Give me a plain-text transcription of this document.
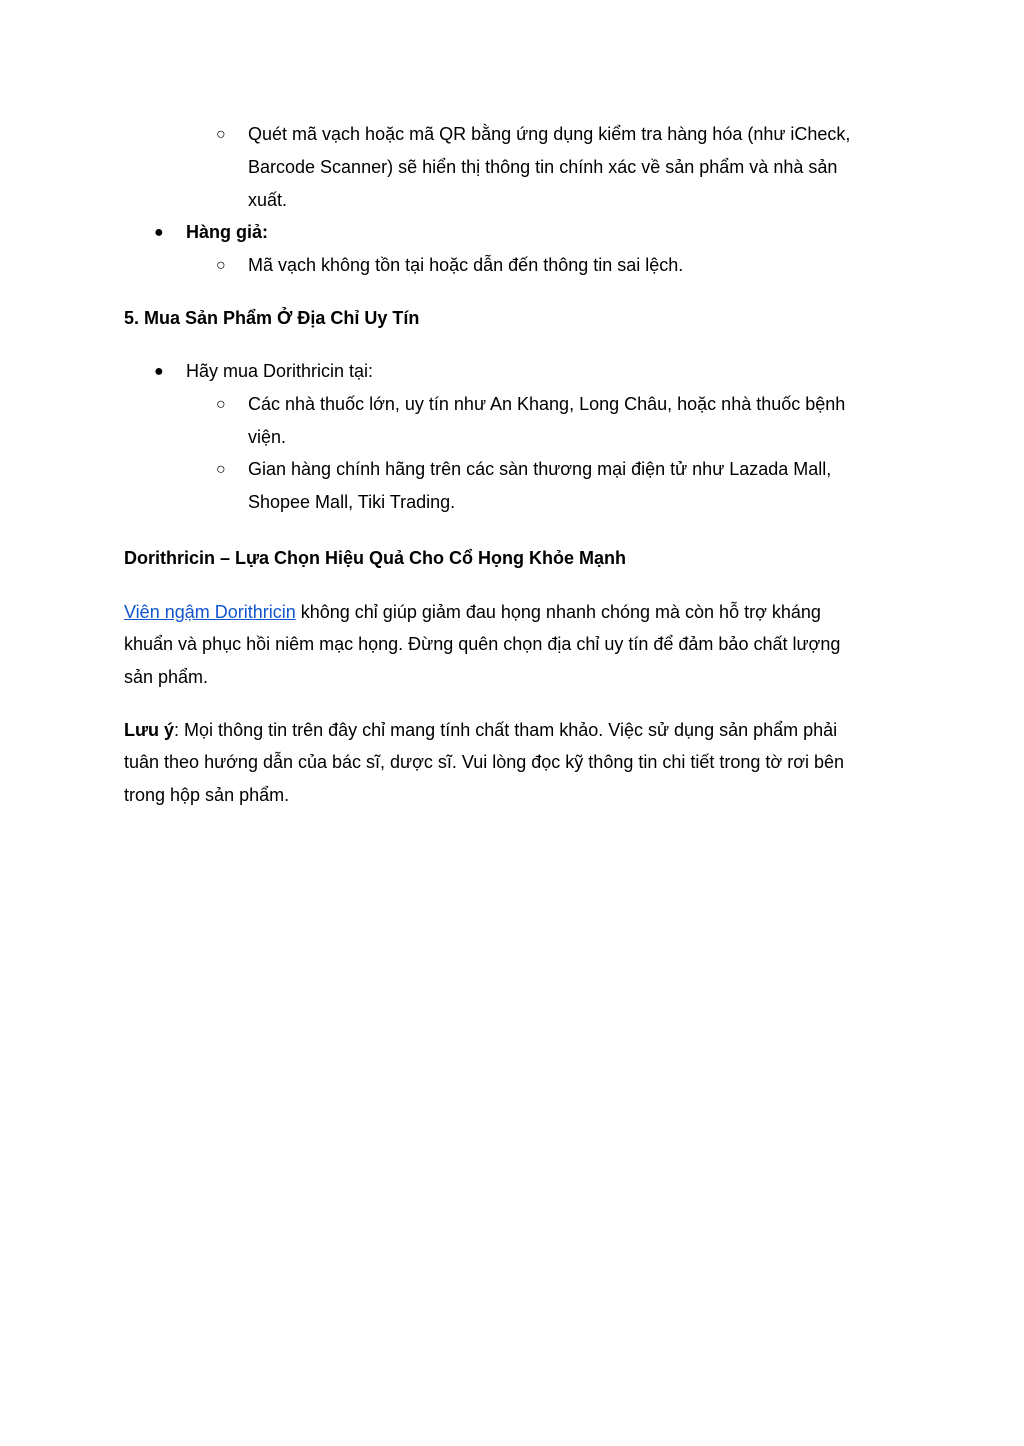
○ Quét mã vạch hoặc mã QR bằng ứng dụng kiểm tra hàng hóa (như iCheck,
Barcode Scanner) sẽ hiển thị thông tin chính xác về sản phẩm và nhà sản
xuất.
● Hàng giả:
○ Mã vạch không tồn tại hoặc dẫn đến thông tin sai lệch.
5. Mua Sản Phẩm Ở Địa Chỉ Uy Tín
● Hãy mua Dorithricin tại:
○ Các nhà thuốc lớn, uy tín như An Khang, Long Châu, hoặc nhà thuốc bệnh
viện.
○ Gian hàng chính hãng trên các sàn thương mại điện tử như Lazada Mall,
Shopee Mall, Tiki Trading.
Dorithricin – Lựa Chọn Hiệu Quả Cho Cổ Họng Khỏe Mạnh
Viên ngậm Dorithricin không chỉ giúp giảm đau họng nhanh chóng mà còn hỗ trợ kháng
khuẩn và phục hồi niêm mạc họng. Đừng quên chọn địa chỉ uy tín để đảm bảo chất lượng
sản phẩm.
Lưu ý: Mọi thông tin trên đây chỉ mang tính chất tham khảo. Việc sử dụng sản phẩm phải
tuân theo hướng dẫn của bác sĩ, dược sĩ. Vui lòng đọc kỹ thông tin chi tiết trong tờ rơi bên
trong hộp sản phẩm.
